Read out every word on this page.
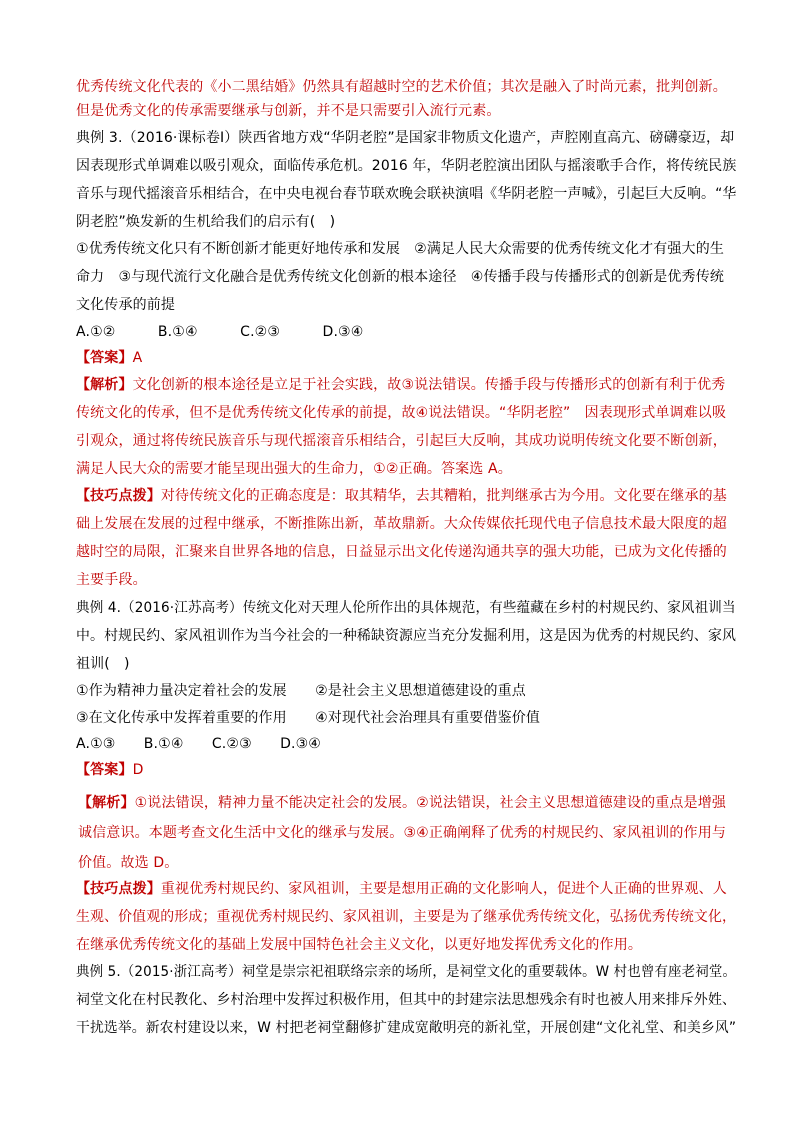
优秀传统文化代表的《小二黑结婚》仍然具有超越时空的艺术价值；其次是融入了时尚元素，批判创新。
但是优秀文化的传承需要继承与创新，并不是只需要引入流行元素。
典例 3.（2016·课标卷Ⅰ）陕西省地方戏“华阴老腔”是国家非物质文化遗产，声腔刚直高亢、磅礴豪迈，却
因表现形式单调难以吸引观众，面临传承危机。2016 年，华阴老腔演出团队与摇滚歌手合作，将传统民族
音乐与现代摇滚音乐相结合，在中央电视台春节联欢晚会联袂演唱《华阴老腔一声喊》，引起巨大反响。“华
阴老腔”焕发新的生机给我们的启示有(　)
①优秀传统文化只有不断创新才能更好地传承和发展　②满足人民大众需要的优秀传统文化才有强大的生
命力　③与现代流行文化融合是优秀传统文化创新的根本途径　④传播手段与传播形式的创新是优秀传统
文化传承的前提
A.①②　　　B.①④　　　C.②③　　　D.③④
【答案】A
【解析】文化创新的根本途径是立足于社会实践，故③说法错误。传播手段与传播形式的创新有利于优秀
传统文化的传承，但不是优秀传统文化传承的前提，故④说法错误。“华阴老腔”　因表现形式单调难以吸
引观众，通过将传统民族音乐与现代摇滚音乐相结合，引起巨大反响，其成功说明传统文化要不断创新，
满足人民大众的需要才能呈现出强大的生命力，①②正确。答案选 A。
【技巧点拨】对待传统文化的正确态度是：取其精华，去其糟粕，批判继承古为今用。文化要在继承的基
础上发展在发展的过程中继承，不断推陈出新，革故鼎新。大众传媒依托现代电子信息技术最大限度的超
越时空的局限，汇聚来自世界各地的信息，日益显示出文化传递沟通共享的强大功能，已成为文化传播的
主要手段。
典例 4.（2016·江苏高考）传统文化对天理人伦所作出的具体规范，有些蕴藏在乡村的村规民约、家风祖训当
中。村规民约、家风祖训作为当今社会的一种稀缺资源应当充分发掘利用，这是因为优秀的村规民约、家风
祖训(　)
①作为精神力量决定着社会的发展　　②是社会主义思想道德建设的重点
③在文化传承中发挥着重要的作用　　④对现代社会治理具有重要借鉴价值
A.①③　　B.①④　　C.②③　　D.③④
【答案】D
【解析】①说法错误，精神力量不能决定社会的发展。②说法错误，社会主义思想道德建设的重点是增强
诚信意识。本题考查文化生活中文化的继承与发展。③④正确阐释了优秀的村规民约、家风祖训的作用与
价值。故选 D。
【技巧点拨】重视优秀村规民约、家风祖训，主要是想用正确的文化影响人，促进个人正确的世界观、人
生观、价值观的形成；重视优秀村规民约、家风祖训，主要是为了继承优秀传统文化，弘扬优秀传统文化，
在继承优秀传统文化的基础上发展中国特色社会主义文化，以更好地发挥优秀文化的作用。
典例 5.（2015·浙江高考）祠堂是崇宗祀祖联络宗亲的场所，是祠堂文化的重要载体。W 村也曾有座老祠堂。
祠堂文化在村民教化、乡村治理中发挥过积极作用，但其中的封建宗法思想残余有时也被人用来排斥外姓、
干扰选举。新农村建设以来，W 村把老祠堂翻修扩建成宽敞明亮的新礼堂，开展创建“文化礼堂、和美乡风”
